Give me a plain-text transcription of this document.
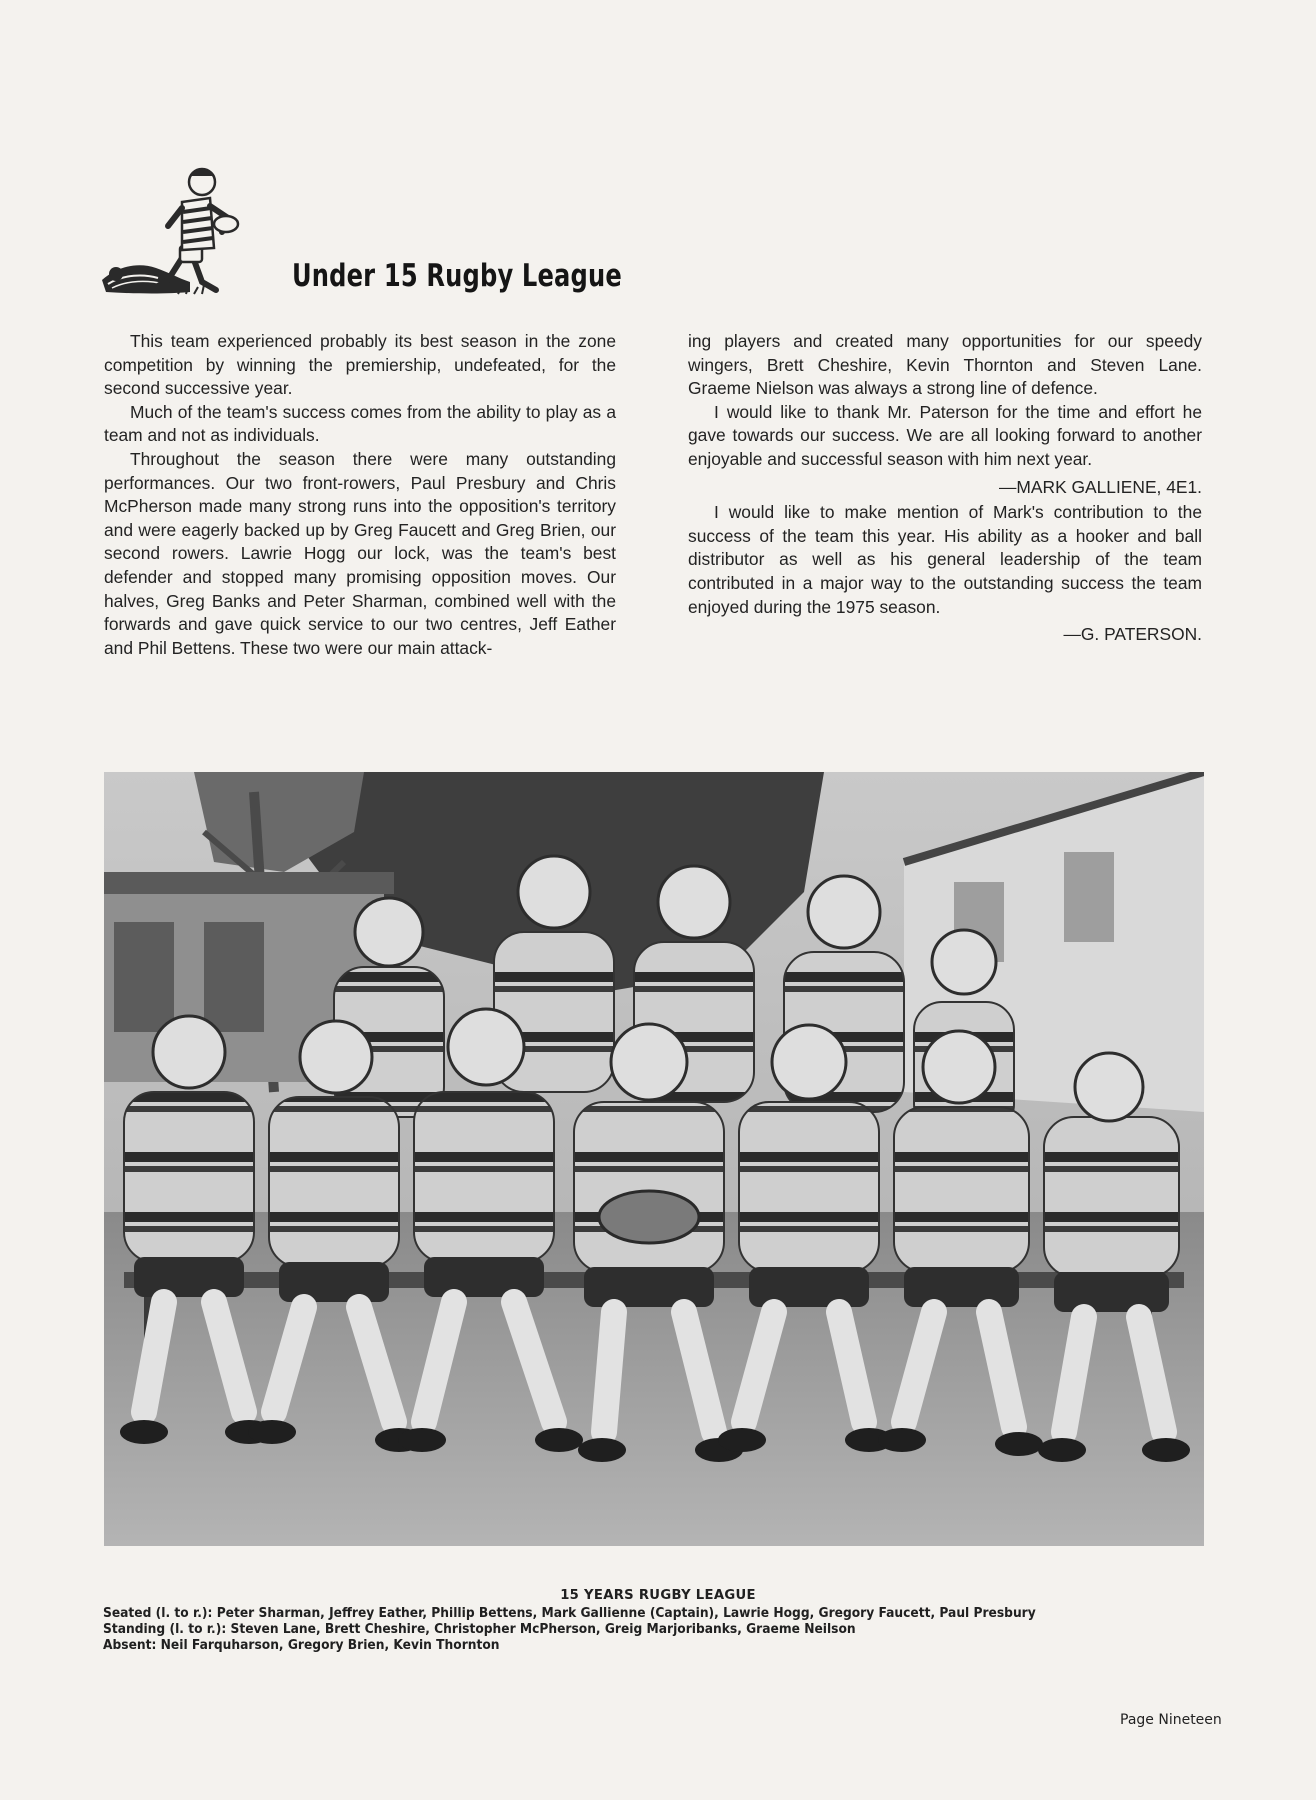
Under 15 Rugby League

This team experienced probably its best season in the zone competition by winning the premiership, undefeated, for the second successive year.

Much of the team's success comes from the ability to play as a team and not as individuals.

Throughout the season there were many outstanding performances. Our two front-rowers, Paul Presbury and Chris McPherson made many strong runs into the opposition's territory and were eagerly backed up by Greg Faucett and Greg Brien, our second rowers. Lawrie Hogg our lock, was the team's best defender and stopped many promising opposition moves. Our halves, Greg Banks and Peter Sharman, combined well with the forwards and gave quick service to our two centres, Jeff Eather and Phil Bettens. These two were our main attack-

ing players and created many opportunities for our speedy wingers, Brett Cheshire, Kevin Thornton and Steven Lane. Graeme Nielson was always a strong line of defence.

I would like to thank Mr. Paterson for the time and effort he gave towards our success. We are all looking forward to another enjoyable and successful season with him next year.

—MARK GALLIENE, 4E1.

I would like to make mention of Mark's contribution to the success of the team this year. His ability as a hooker and ball distributor as well as his general leadership of the team contributed in a major way to the outstanding success the team enjoyed during the 1975 season.

—G. PATERSON.

15 YEARS RUGBY LEAGUE
Seated (l. to r.): Peter Sharman, Jeffrey Eather, Phillip Bettens, Mark Gallienne (Captain), Lawrie Hogg, Gregory Faucett, Paul Presbury
Standing (l. to r.): Steven Lane, Brett Cheshire, Christopher McPherson, Greig Marjoribanks, Graeme Neilson
Absent: Neil Farquharson, Gregory Brien, Kevin Thornton
Page Nineteen
